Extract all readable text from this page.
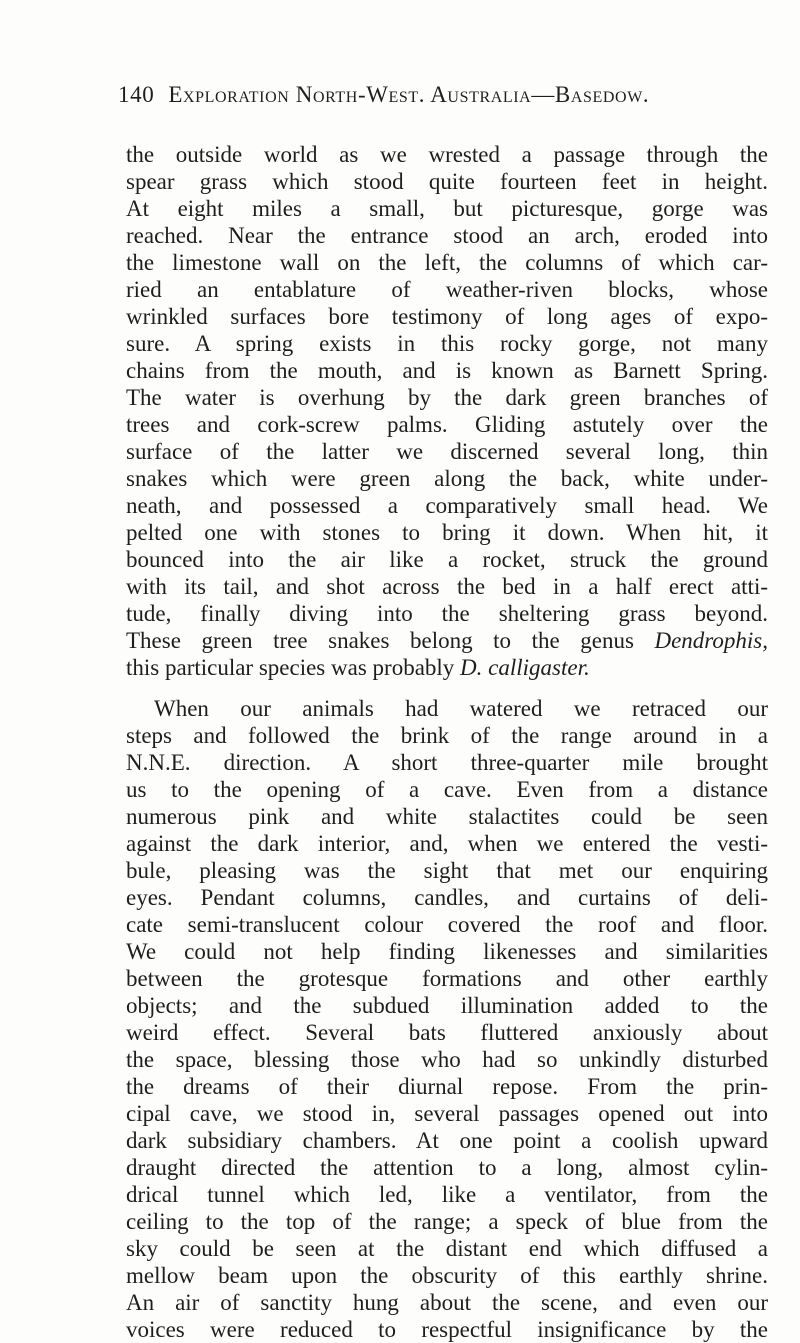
140 Exploration North-West. Australia—Basedow.
the outside world as we wrested a passage through the
spear grass which stood quite fourteen feet in height.
At eight miles a small, but picturesque, gorge was
reached. Near the entrance stood an arch, eroded into
the limestone wall on the left, the columns of which car-
ried an entablature of weather-riven blocks, whose
wrinkled surfaces bore testimony of long ages of expo-
sure. A spring exists in this rocky gorge, not many
chains from the mouth, and is known as Barnett Spring.
The water is overhung by the dark green branches of
trees and cork-screw palms. Gliding astutely over the
surface of the latter we discerned several long, thin
snakes which were green along the back, white under-
neath, and possessed a comparatively small head. We
pelted one with stones to bring it down. When hit, it
bounced into the air like a rocket, struck the ground
with its tail, and shot across the bed in a half erect atti-
tude, finally diving into the sheltering grass beyond.
These green tree snakes belong to the genus Dendrophis,
this particular species was probably D. calligaster.
When our animals had watered we retraced our
steps and followed the brink of the range around in a
N.N.E. direction. A short three-quarter mile brought
us to the opening of a cave. Even from a distance
numerous pink and white stalactites could be seen
against the dark interior, and, when we entered the vesti-
bule, pleasing was the sight that met our enquiring
eyes. Pendant columns, candles, and curtains of deli-
cate semi-translucent colour covered the roof and floor.
We could not help finding likenesses and similarities
between the grotesque formations and other earthly
objects; and the subdued illumination added to the
weird effect. Several bats fluttered anxiously about
the space, blessing those who had so unkindly disturbed
the dreams of their diurnal repose. From the prin-
cipal cave, we stood in, several passages opened out into
dark subsidiary chambers. At one point a coolish upward
draught directed the attention to a long, almost cylin-
drical tunnel which led, like a ventilator, from the
ceiling to the top of the range; a speck of blue from the
sky could be seen at the distant end which diffused a
mellow beam upon the obscurity of this earthly shrine.
An air of sanctity hung about the scene, and even our
voices were reduced to respectful insignificance by the
